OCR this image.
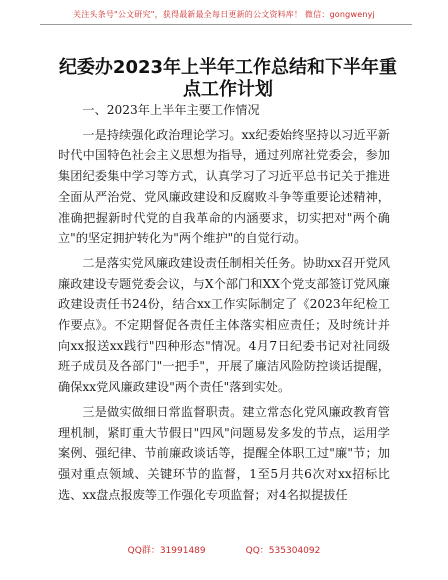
关注头条号"公文研究"，获得最新最全每日更新的公文资料库！ 微信：gongwenyj
纪委办2023年上半年工作总结和下半年重点工作计划

一、2023年上半年主要工作情况

一是持续强化政治理论学习。xx纪委始终坚持以习近平新时代中国特色社会主义思想为指导，通过列席社党委会，参加集团纪委集中学习等方式，认真学习了习近平总书记关于推进全面从严治党、党风廉政建设和反腐败斗争等重要论述精神，准确把握新时代党的自我革命的内涵要求，切实把对"两个确立"的坚定拥护转化为"两个维护"的自觉行动。

二是落实党风廉政建设责任制相关任务。协助xx召开党风廉政建设专题党委会议，与X个部门和XX个党支部签订党风廉政建设责任书24份，结合xx工作实际制定了《2023年纪检工作要点》。不定期督促各责任主体落实相应责任；及时统计并向xx报送xx践行"四种形态"情况。4月7日纪委书记对社同级班子成员及各部门"一把手"，开展了廉洁风险防控谈话提醒，确保xx党风廉政建设"两个责任"落到实处。

三是做实做细日常监督职责。建立常态化党风廉政教育管理机制，紧盯重大节假日"四风"问题易发多发的节点，运用学案例、强纪律、节前廉政谈话等，提醒全体职工过"廉"节；加强对重点领域、关键环节的监督，1至5月共6次对xx招标比选、xx盘点报废等工作强化专项监督；对4名拟提拔任

QQ群：31991489	QQ：535304092
